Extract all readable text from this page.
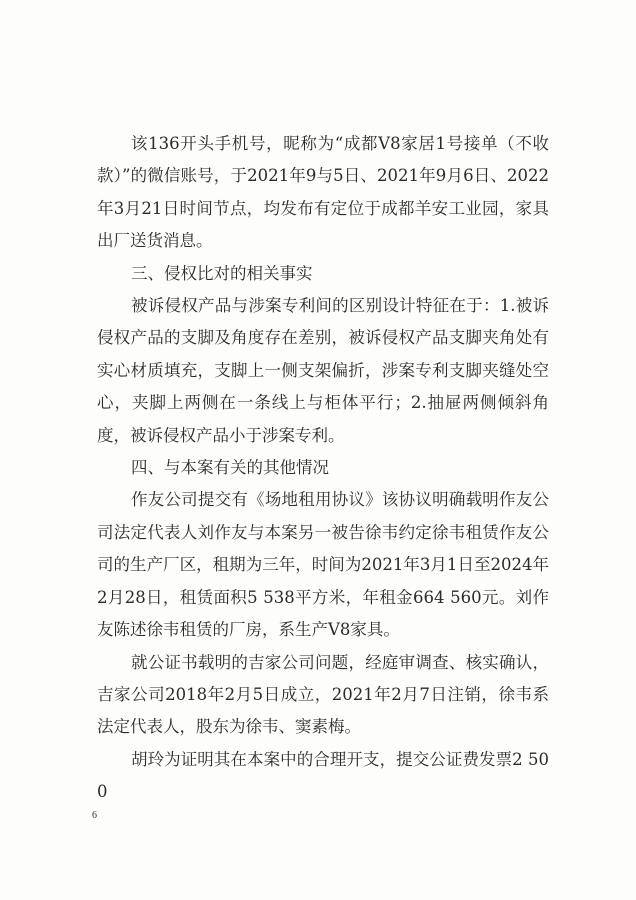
该136开头手机号，昵称为“成都V8家居1号接单（不收款）”的微信账号，于2021年9与5日、2021年9月6日、2022年3月21日时间节点，均发布有定位于成都羊安工业园，家具出厂送货消息。

三、侵权比对的相关事实

被诉侵权产品与涉案专利间的区别设计特征在于：1.被诉侵权产品的支脚及角度存在差别，被诉侵权产品支脚夹角处有实心材质填充，支脚上一侧支架偏折，涉案专利支脚夹缝处空心，夹脚上两侧在一条线上与柜体平行；2.抽屉两侧倾斜角度，被诉侵权产品小于涉案专利。

四、与本案有关的其他情况

作友公司提交有《场地租用协议》该协议明确载明作友公司法定代表人刘作友与本案另一被告徐韦约定徐韦租赁作友公司的生产厂区，租期为三年，时间为2021年3月1日至2024年2月28日，租赁面积5 538平方米，年租金664 560元。刘作友陈述徐韦租赁的厂房，系生产V8家具。

就公证书载明的吉家公司问题，经庭审调查、核实确认，吉家公司2018年2月5日成立，2021年2月7日注销，徐韦系法定代表人，股东为徐韦、窦素梅。

胡玲为证明其在本案中的合理开支，提交公证费发票2 500

6
